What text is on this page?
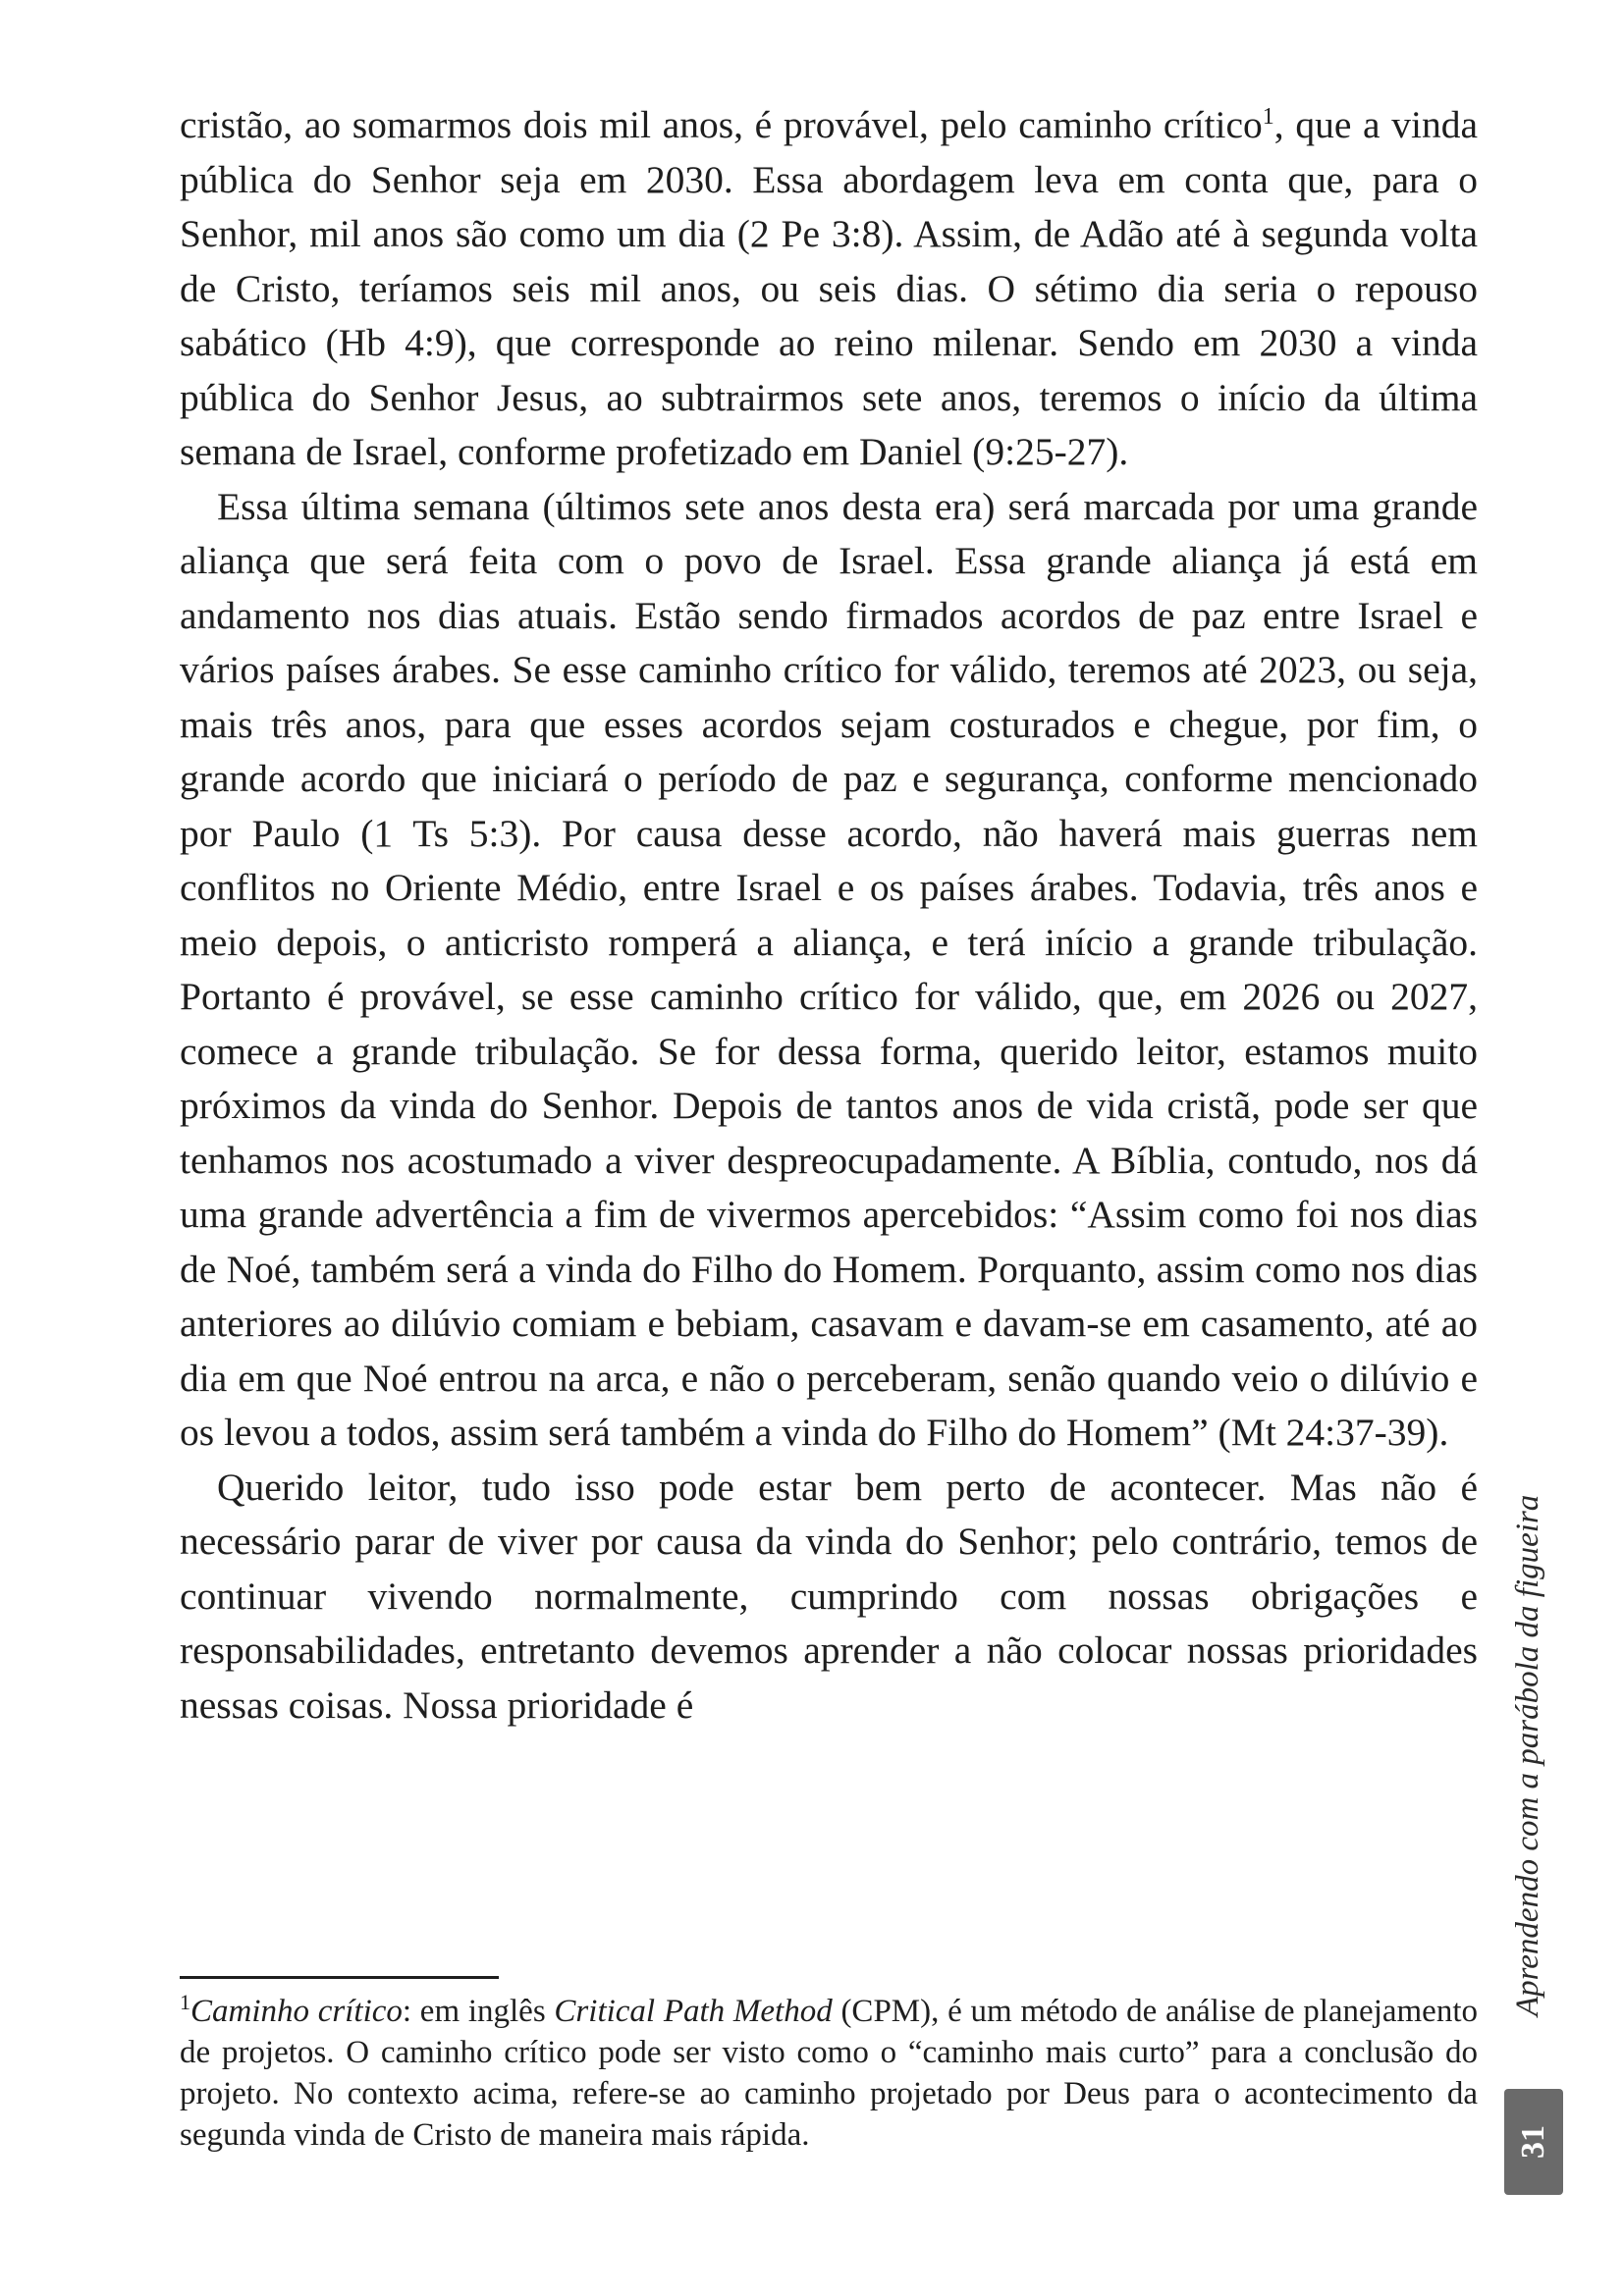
cristão, ao somarmos dois mil anos, é provável, pelo caminho crítico$^1$, que a vinda pública do Senhor seja em 2030. Essa abordagem leva em conta que, para o Senhor, mil anos são como um dia (2 Pe 3:8). Assim, de Adão até à segunda volta de Cristo, teríamos seis mil anos, ou seis dias. O sétimo dia seria o repouso sabático (Hb 4:9), que corresponde ao reino milenar. Sendo em 2030 a vinda pública do Senhor Jesus, ao subtrairmos sete anos, teremos o início da última semana de Israel, conforme profetizado em Daniel (9:25-27).

Essa última semana (últimos sete anos desta era) será marcada por uma grande aliança que será feita com o povo de Israel. Essa grande aliança já está em andamento nos dias atuais. Estão sendo firmados acordos de paz entre Israel e vários países árabes. Se esse caminho crítico for válido, teremos até 2023, ou seja, mais três anos, para que esses acordos sejam costurados e chegue, por fim, o grande acordo que iniciará o período de paz e segurança, conforme mencionado por Paulo (1 Ts 5:3). Por causa desse acordo, não haverá mais guerras nem conflitos no Oriente Médio, entre Israel e os países árabes. Todavia, três anos e meio depois, o anticristo romperá a aliança, e terá início a grande tribulação. Portanto é provável, se esse caminho crítico for válido, que, em 2026 ou 2027, comece a grande tribulação. Se for dessa forma, querido leitor, estamos muito próximos da vinda do Senhor. Depois de tantos anos de vida cristã, pode ser que tenhamos nos acostumado a viver despreocupadamente. A Bíblia, contudo, nos dá uma grande advertência a fim de vivermos apercebidos: “Assim como foi nos dias de Noé, também será a vinda do Filho do Homem. Porquanto, assim como nos dias anteriores ao dilúvio comiam e bebiam, casavam e davam-se em casamento, até ao dia em que Noé entrou na arca, e não o perceberam, senão quando veio o dilúvio e os levou a todos, assim será também a vinda do Filho do Homem” (Mt 24:37-39).

Querido leitor, tudo isso pode estar bem perto de acontecer. Mas não é necessário parar de viver por causa da vinda do Senhor; pelo contrário, temos de continuar vivendo normalmente, cumprindo com nossas obrigações e responsabilidades, entretanto devemos aprender a não colocar nossas prioridades nessas coisas. Nossa prioridade é

$^1$Caminho crítico: em inglês Critical Path Method (CPM), é um método de análise de planejamento de projetos. O caminho crítico pode ser visto como o “caminho mais curto” para a conclusão do projeto. No contexto acima, refere-se ao caminho projetado por Deus para o acontecimento da segunda vinda de Cristo de maneira mais rápida.

Aprendendo com a parábola da figueira
31
